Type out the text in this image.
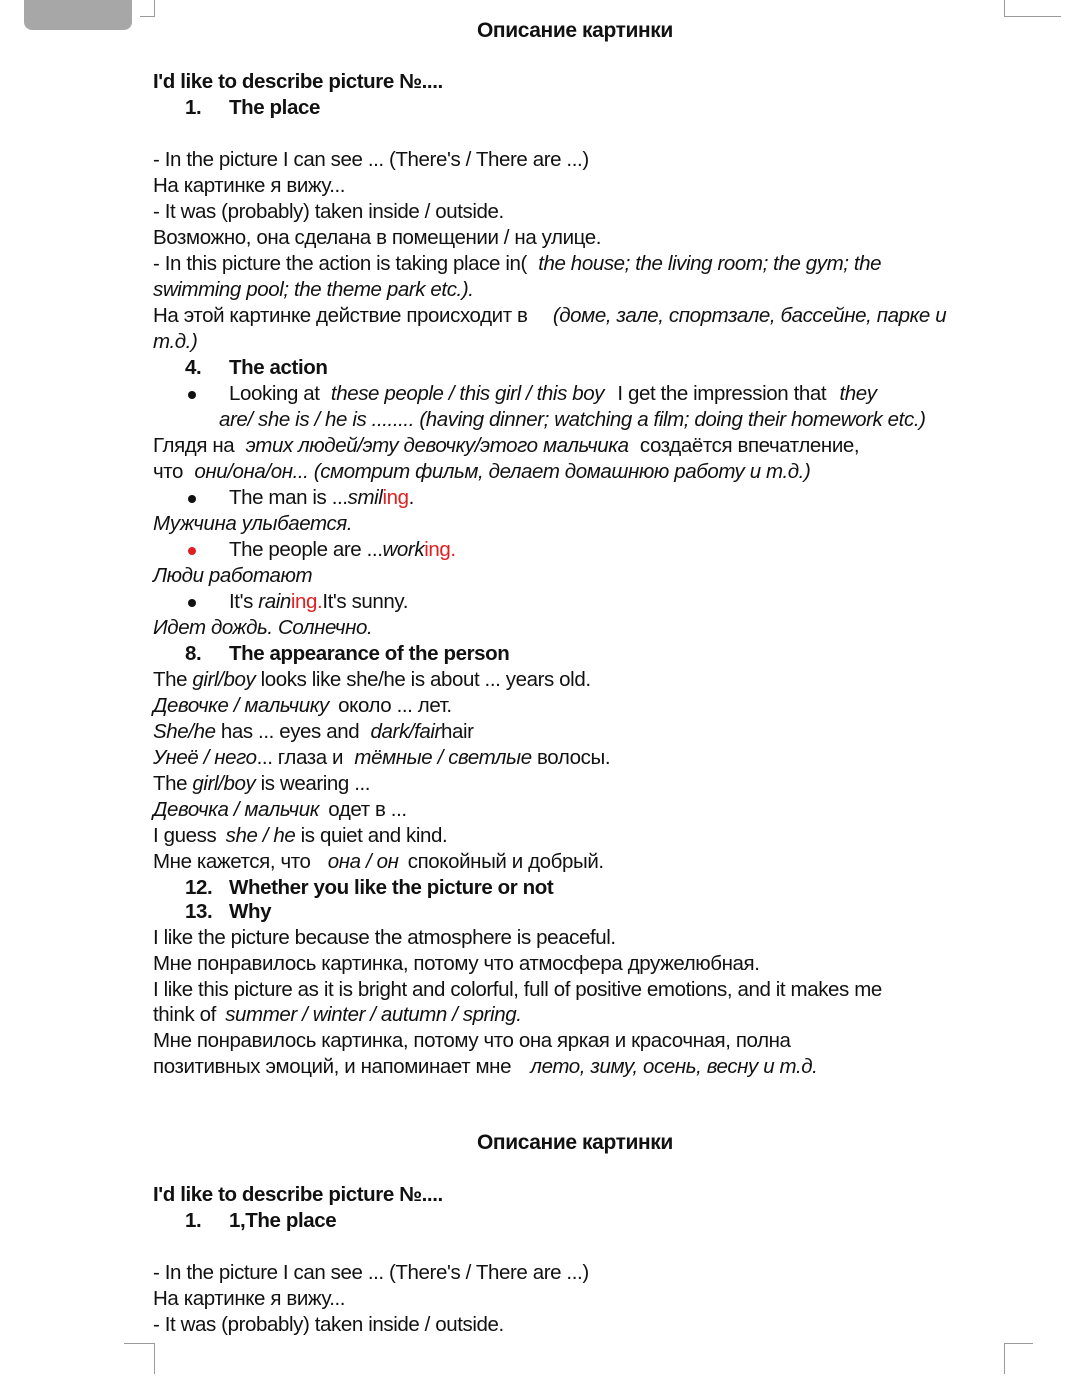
Описание картинки
I'd like to describe picture №....
1. The place
- In the picture I can see ... (There's / There are ...)
На картинке я вижу...
- It was (probably) taken inside / outside.
Возможно, она сделана в помещении / на улице.
- In this picture the action is taking place in( the house; the living room; the gym; the
swimming pool; the theme park etc.).
На этой картинке действие происходит в (доме, зале, спортзале, бассейне, парке и
т.д.)
4. The action
Looking at these people / this girl / this boy I get the impression that they
are/ she is / he is ........ (having dinner; watching a film; doing their homework etc.)
Глядя на этих людей/эту девочку/этого мальчика создаётся впечатление,
что они/она/он... (смотрит фильм, делает домашнюю работу и т.д.)
The man is ...smiling.
Мужчина улыбается.
The people are ...working.
Люди работают
It's raining.It's sunny.
Идет дождь. Солнечно.
8. The appearance of the person
The girl/boy looks like she/he is about ... years old.
Девочке / мальчику около ... лет.
She/he has ... eyes and dark/fairhair
Унеё / него... глаза и тёмные / светлые волосы.
The girl/boy is wearing ...
Девочка / мальчик одет в ...
I guess she / he is quiet and kind.
Мне кажется, что она / он спокойный и добрый.
12. Whether you like the picture or not
13. Why
I like the picture because the atmosphere is peaceful.
Мне понравилось картинка, потому что атмосфера дружелюбная.
I like this picture as it is bright and colorful, full of positive emotions, and it makes me
think of summer / winter / autumn / spring.
Мне понравилось картинка, потому что она яркая и красочная, полна
позитивных эмоций, и напоминает мне лето, зиму, осень, весну и т.д.
Описание картинки
I'd like to describe picture №....
1. 1,The place
- In the picture I can see ... (There's / There are ...)
На картинке я вижу...
- It was (probably) taken inside / outside.
